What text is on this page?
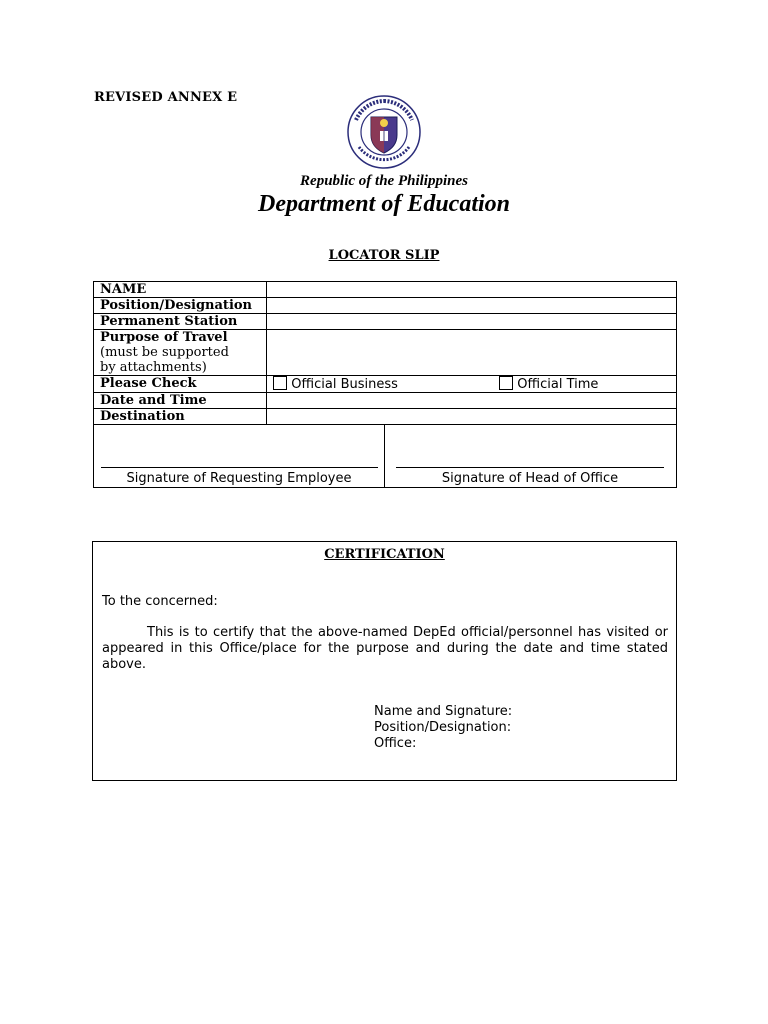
REVISED ANNEX E
Republic of the Philippines
Department of Education
LOCATOR SLIP
NAME	
Position/Designation	
Permanent Station	

Purpose of Travel
(must be supported
by attachments)	

Please Check	Official Business Official Time
Date and Time	
Destination	
Signature of Requesting Employee	Signature of Head of Office
CERTIFICATION
To the concerned:
This is to certify that the above-named DepEd official/personnel has visited or appeared in this Office/place for the purpose and during the date and time stated above.
Name and Signature:
Position/Designation:
Office:
